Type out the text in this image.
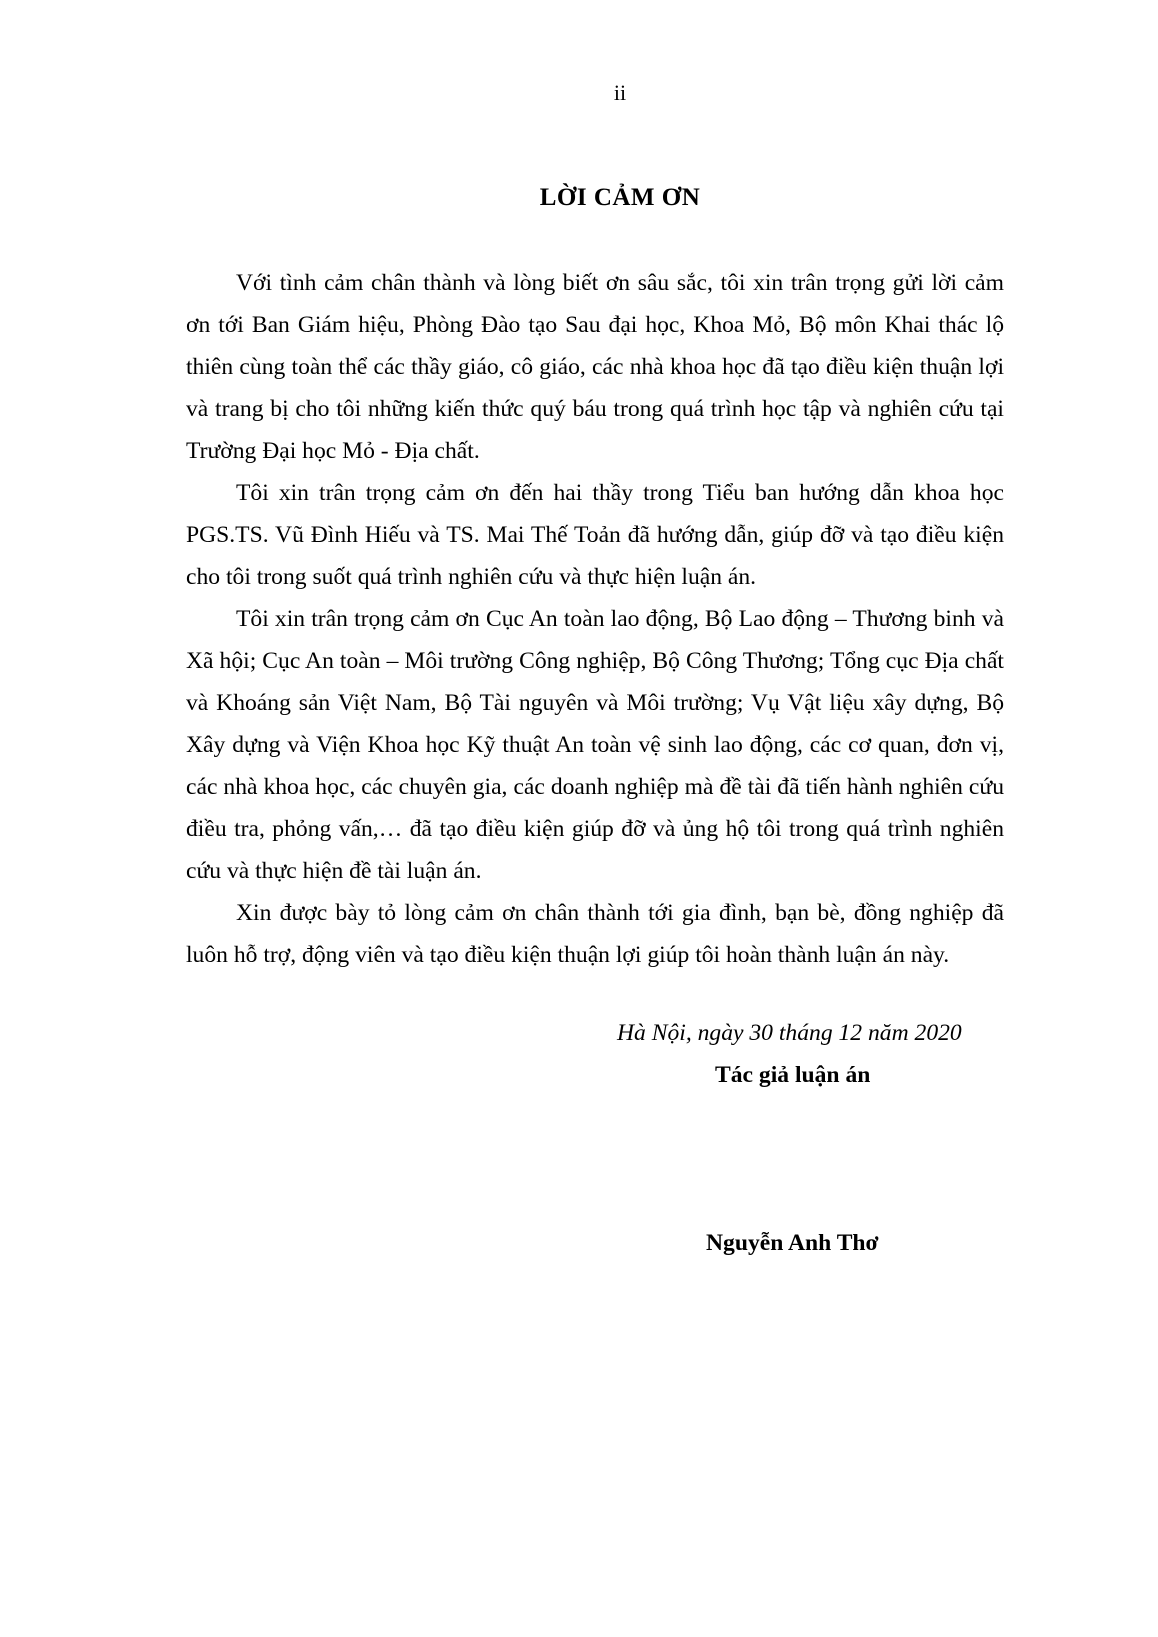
ii
LỜI CẢM ƠN

Với tình cảm chân thành và lòng biết ơn sâu sắc, tôi xin trân trọng gửi lời cảm ơn tới Ban Giám hiệu, Phòng Đào tạo Sau đại học, Khoa Mỏ, Bộ môn Khai thác lộ thiên cùng toàn thể các thầy giáo, cô giáo, các nhà khoa học đã tạo điều kiện thuận lợi và trang bị cho tôi những kiến thức quý báu trong quá trình học tập và nghiên cứu tại Trường Đại học Mỏ - Địa chất.

Tôi xin trân trọng cảm ơn đến hai thầy trong Tiểu ban hướng dẫn khoa học PGS.TS. Vũ Đình Hiếu và TS. Mai Thế Toản đã hướng dẫn, giúp đỡ và tạo điều kiện cho tôi trong suốt quá trình nghiên cứu và thực hiện luận án.

Tôi xin trân trọng cảm ơn Cục An toàn lao động, Bộ Lao động – Thương binh và Xã hội; Cục An toàn – Môi trường Công nghiệp, Bộ Công Thương; Tổng cục Địa chất và Khoáng sản Việt Nam, Bộ Tài nguyên và Môi trường; Vụ Vật liệu xây dựng, Bộ Xây dựng và Viện Khoa học Kỹ thuật An toàn vệ sinh lao động, các cơ quan, đơn vị, các nhà khoa học, các chuyên gia, các doanh nghiệp mà đề tài đã tiến hành nghiên cứu điều tra, phỏng vấn,… đã tạo điều kiện giúp đỡ và ủng hộ tôi trong quá trình nghiên cứu và thực hiện đề tài luận án.

Xin được bày tỏ lòng cảm ơn chân thành tới gia đình, bạn bè, đồng nghiệp đã luôn hỗ trợ, động viên và tạo điều kiện thuận lợi giúp tôi hoàn thành luận án này.

Hà Nội, ngày 30 tháng 12 năm 2020
Tác giả luận án
Nguyễn Anh Thơ
